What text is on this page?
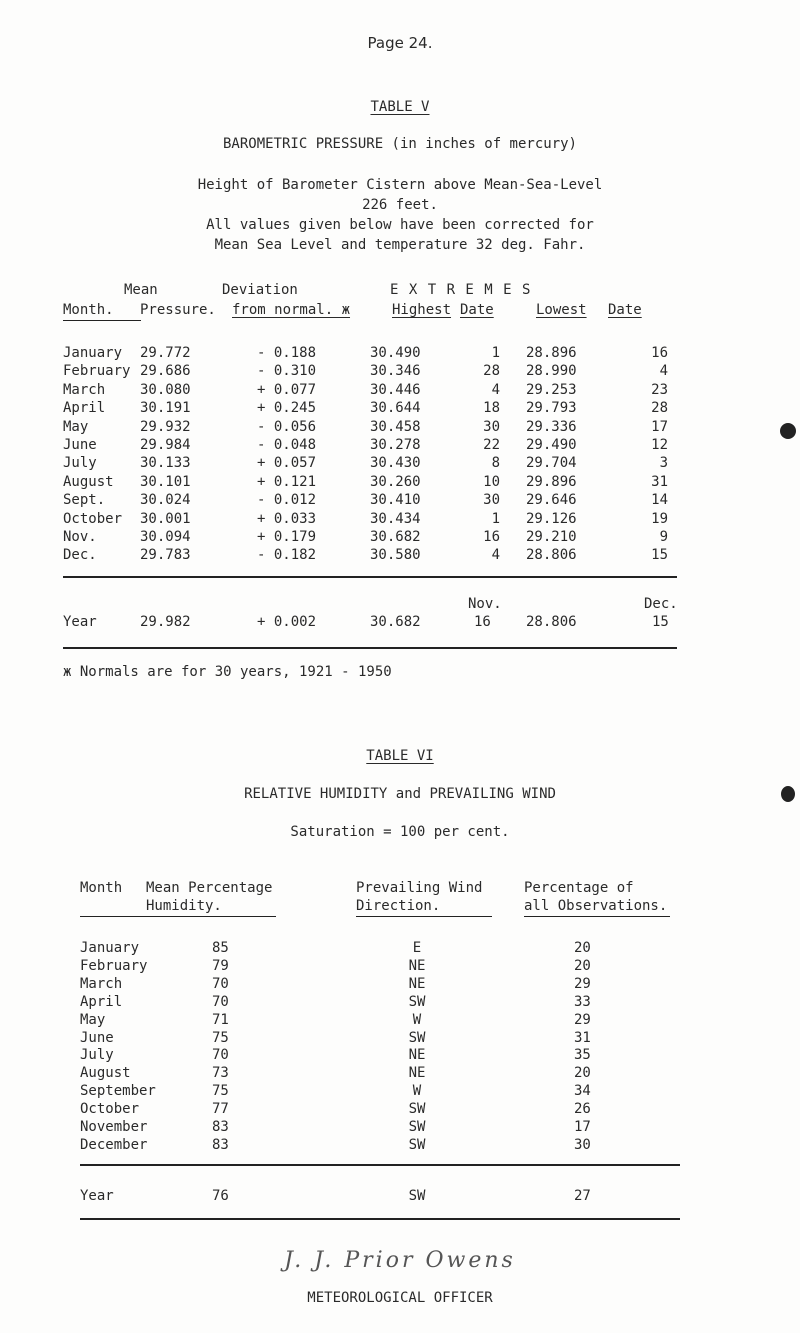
Page 24.
TABLE V
BAROMETRIC PRESSURE (in inches of mercury)
Height of Barometer Cistern above Mean-Sea-Level
226 feet.
All values given below have been corrected for
Mean Sea Level and temperature 32 deg. Fahr.
Mean	Deviation	E X T R E M E S
Month. Pressure. from normal. ж	Highest Date	Lowest Date
January 29.772	- 0.188	30.490	1 28.896	16
February 29.686	- 0.310	30.346	28 28.990	4
March 30.080	+ 0.077	30.446	4 29.253	23
April 30.191	+ 0.245	30.644	18 29.793	28
May	29.932	- 0.056	30.458	30 29.336	17
June	29.984	- 0.048	30.278	22 29.490	12
July	30.133	+ 0.057	30.430	8 29.704	3
August 30.101	+ 0.121	30.260	10 29.896	31
Sept. 30.024	- 0.012	30.410	30 29.646	14
October 30.001	+ 0.033	30.434	1 29.126	19
Nov.	30.094	+ 0.179	30.682	16 29.210	9
Dec.	29.783	- 0.182	30.580	4 28.806	15
Nov.	Dec.
Year	29.982	+ 0.002	30.682	16	28.806	15
ж Normals are for 30 years, 1921 - 1950
TABLE VI
RELATIVE HUMIDITY and PREVAILING WIND
Saturation = 100 per cent.
Month Mean Percentage	Prevailing Wind	Percentage of
Humidity.	Direction.	all Observations.
January	85	E	20
February	79	NE	20
March	70	NE	29
April	70	SW	33
May	71	W	29
June	75	SW	31
July	70	NE	35
August	73	NE	20
September	75	W	34
October	77	SW	26
November	83	SW	17
December	83	SW	30
Year	76	SW	27
J. J. Prior Owens
METEOROLOGICAL OFFICER
